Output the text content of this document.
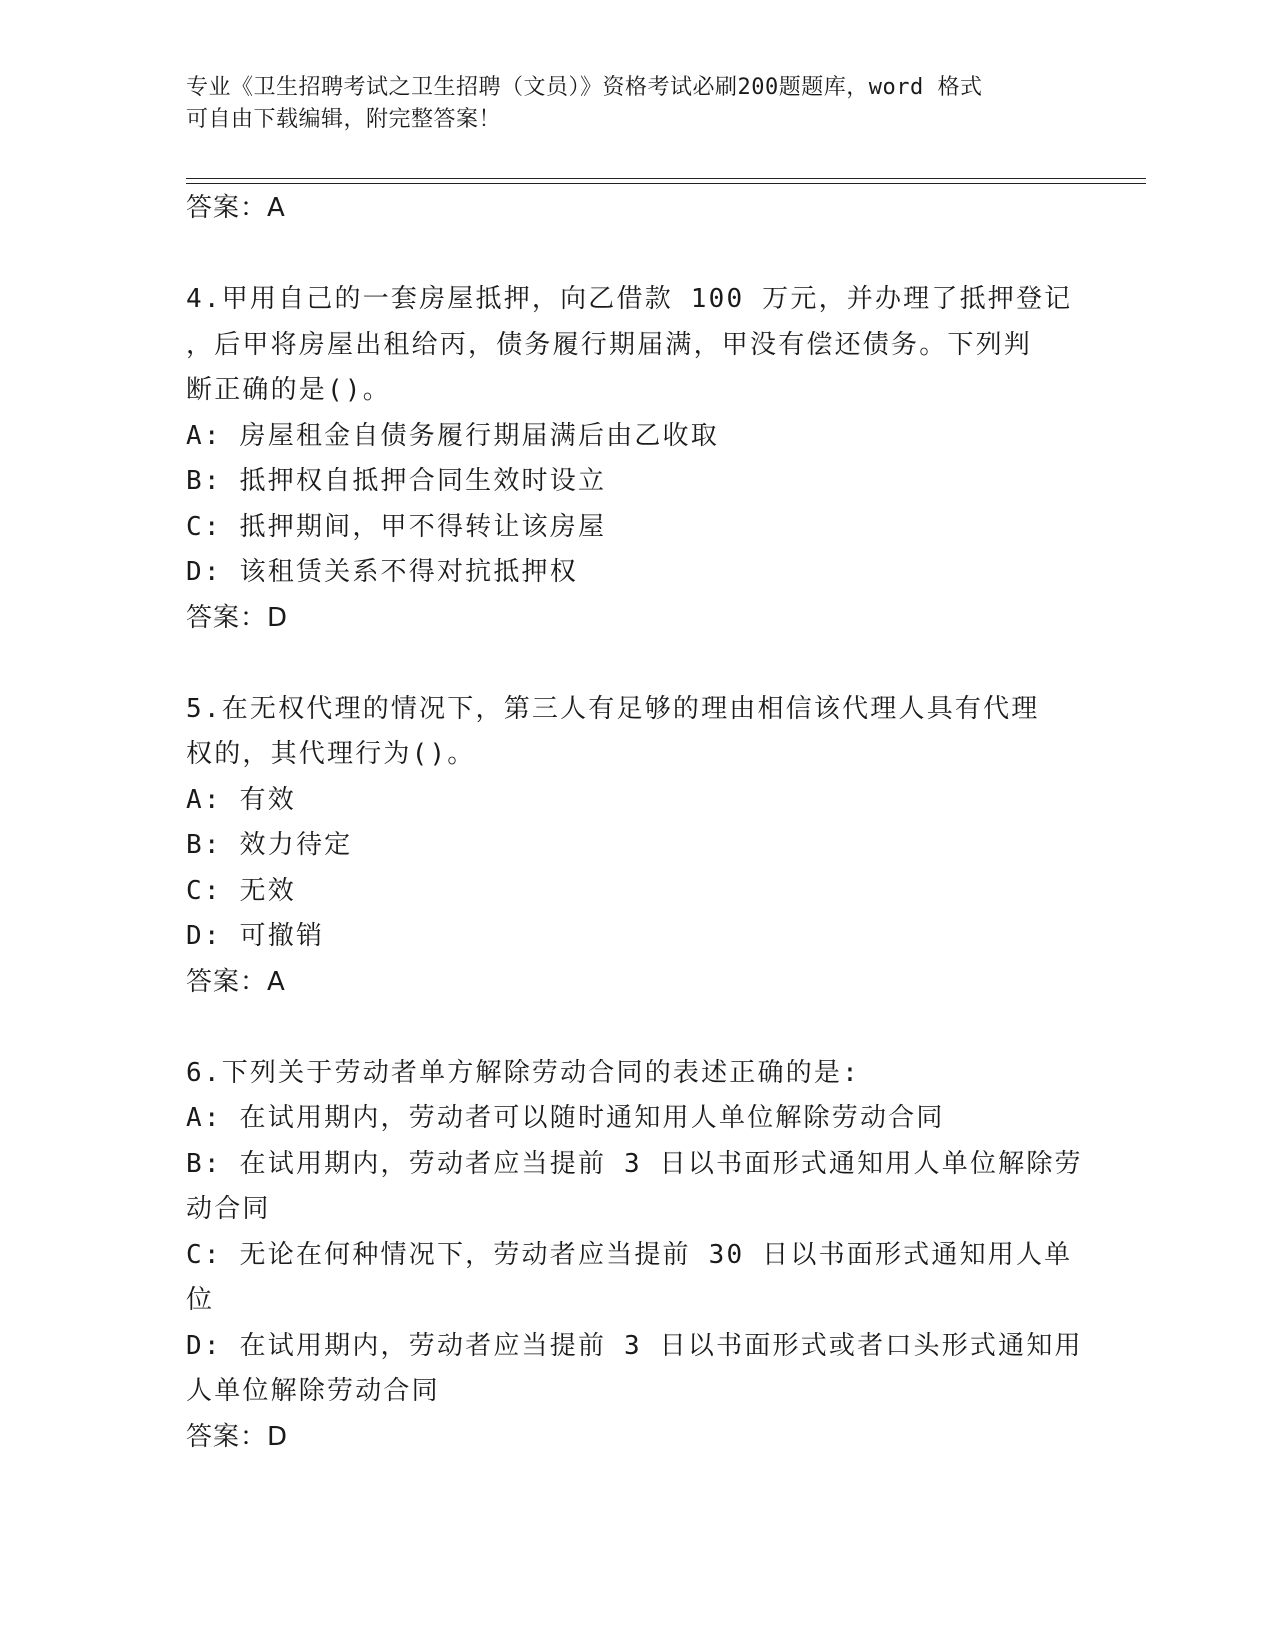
专业《卫生招聘考试之卫生招聘（文员）》资格考试必刷200题题库，word 格式
可自由下载编辑，附完整答案！
答案：A
4.甲用自己的一套房屋抵押，向乙借款 100 万元，并办理了抵押登记
，后甲将房屋出租给丙，债务履行期届满，甲没有偿还债务。下列判
断正确的是()。
A: 房屋租金自债务履行期届满后由乙收取
B: 抵押权自抵押合同生效时设立
C: 抵押期间，甲不得转让该房屋
D: 该租赁关系不得对抗抵押权
答案：D
5.在无权代理的情况下，第三人有足够的理由相信该代理人具有代理
权的，其代理行为()。
A: 有效
B: 效力待定
C: 无效
D: 可撤销
答案：A
6.下列关于劳动者单方解除劳动合同的表述正确的是:
A: 在试用期内，劳动者可以随时通知用人单位解除劳动合同
B: 在试用期内，劳动者应当提前 3 日以书面形式通知用人单位解除劳
动合同
C: 无论在何种情况下，劳动者应当提前 30 日以书面形式通知用人单
位
D: 在试用期内，劳动者应当提前 3 日以书面形式或者口头形式通知用
人单位解除劳动合同
答案：D
